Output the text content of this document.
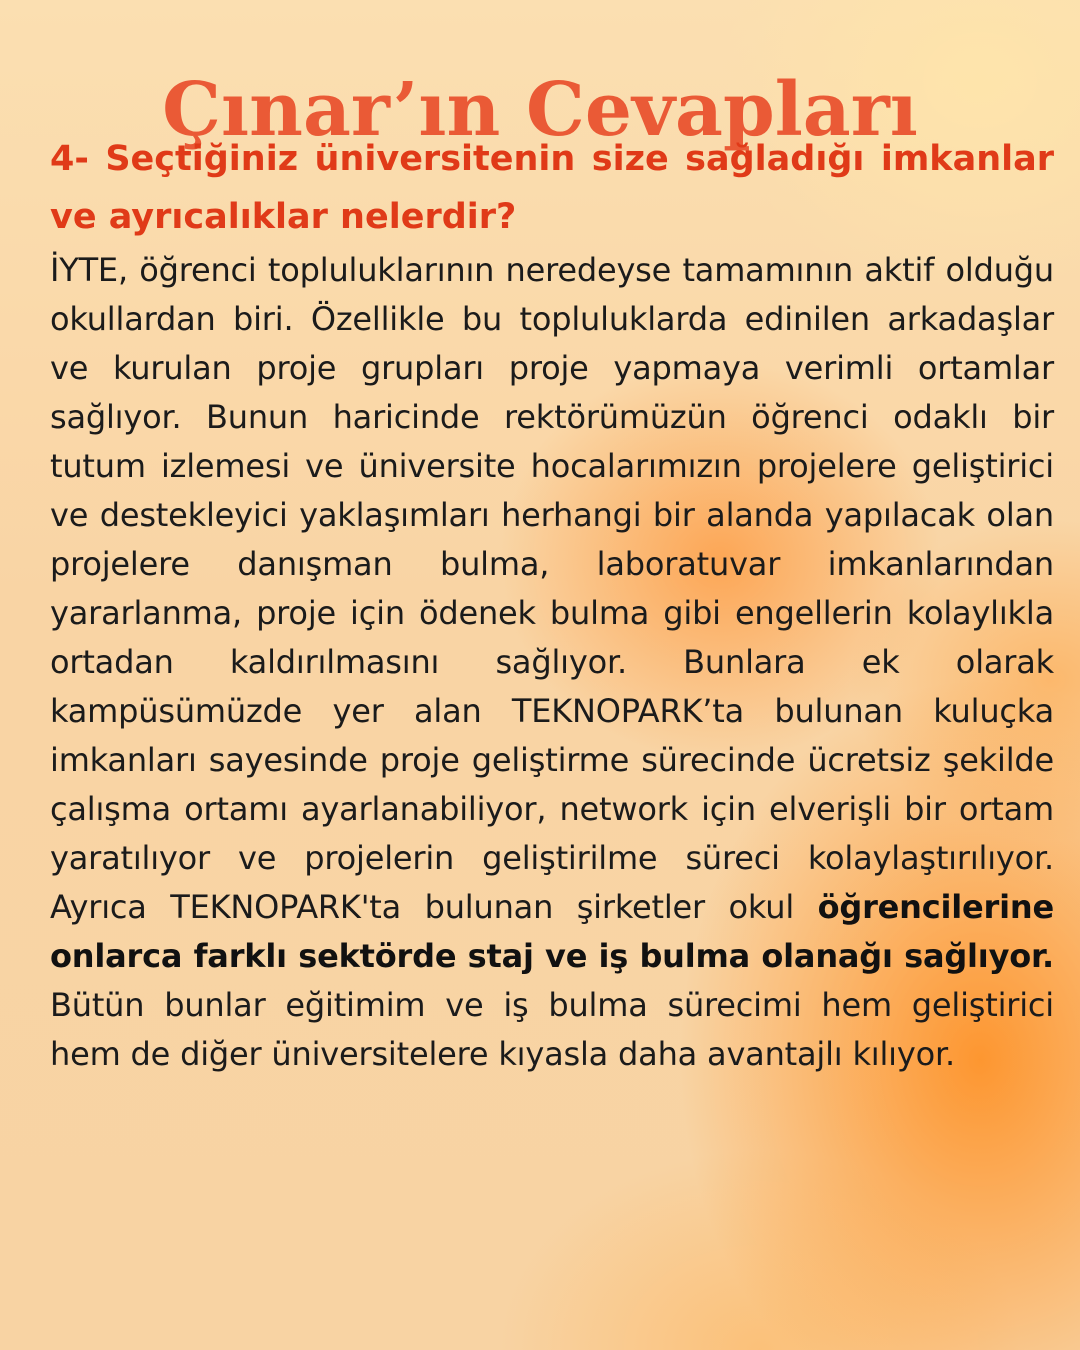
Çınar’ın Cevapları

4- Seçtiğiniz üniversitenin size sağladığı imkanlar ve ayrıcalıklar nelerdir?

İYTE, öğrenci topluluklarının neredeyse tamamının aktif olduğu okullardan biri. Özellikle bu topluluklarda edinilen arkadaşlar ve kurulan proje grupları proje yapmaya verimli ortamlar sağlıyor. Bunun haricinde rektörümüzün öğrenci odaklı bir tutum izlemesi ve üniversite hocalarımızın projelere geliştirici ve destekleyici yaklaşımları herhangi bir alanda yapılacak olan projelere danışman bulma, laboratuvar imkanlarından yararlanma, proje için ödenek bulma gibi engellerin kolaylıkla ortadan kaldırılmasını sağlıyor. Bunlara ek olarak kampüsümüzde yer alan TEKNOPARK’ta bulunan kuluçka imkanları sayesinde proje geliştirme sürecinde ücretsiz şekilde çalışma ortamı ayarlanabiliyor, network için elverişli bir ortam yaratılıyor ve projelerin geliştirilme süreci kolaylaştırılıyor. Ayrıca TEKNOPARK'ta bulunan şirketler okul öğrencilerine onlarca farklı sektörde staj ve iş bulma olanağı sağlıyor. Bütün bunlar eğitimim ve iş bulma sürecimi hem geliştirici hem de diğer üniversitelere kıyasla daha avantajlı kılıyor.
